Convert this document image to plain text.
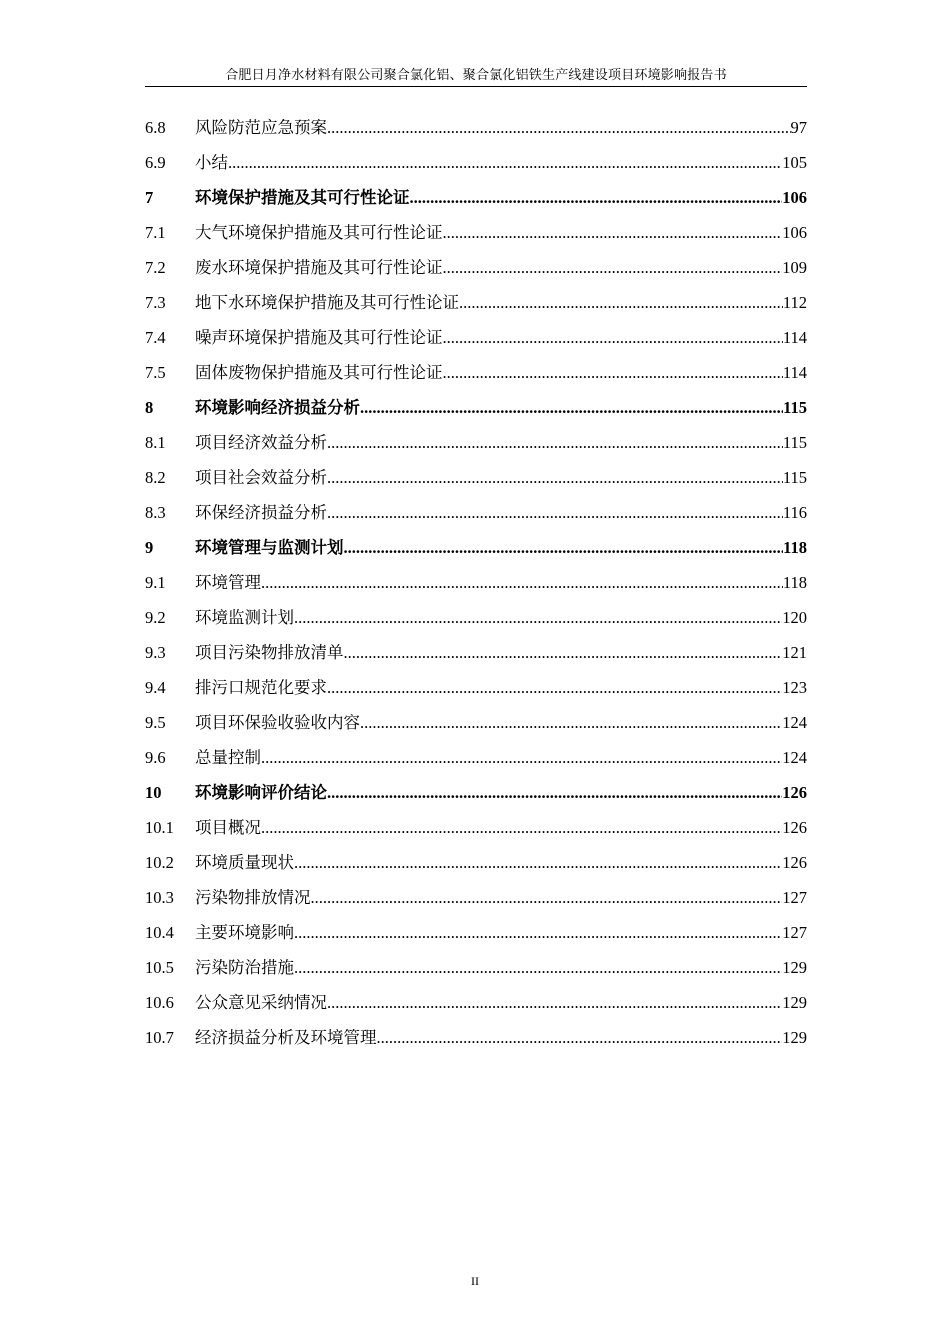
合肥日月净水材料有限公司聚合氯化铝、聚合氯化铝铁生产线建设项目环境影响报告书
6.8	风险防范应急预案 .....	97
6.9	小结 .....	105
7	环境保护措施及其可行性论证 .....	106
7.1	大气环境保护措施及其可行性论证 .....	106
7.2	废水环境保护措施及其可行性论证 .....	109
7.3	地下水环境保护措施及其可行性论证 .....	112
7.4	噪声环境保护措施及其可行性论证 .....	114
7.5	固体废物保护措施及其可行性论证 .....	114
8	环境影响经济损益分析 .....	115
8.1	项目经济效益分析 .....	115
8.2	项目社会效益分析 .....	115
8.3	环保经济损益分析 .....	116
9	环境管理与监测计划 .....	118
9.1	环境管理 .....	118
9.2	环境监测计划 .....	120
9.3	项目污染物排放清单 .....	121
9.4	排污口规范化要求 .....	123
9.5	项目环保验收验收内容 .....	124
9.6	总量控制 .....	124
10	环境影响评价结论 .....	126
10.1	项目概况 .....	126
10.2	环境质量现状 .....	126
10.3	污染物排放情况 .....	127
10.4	主要环境影响 .....	127
10.5	污染防治措施 .....	129
10.6	公众意见采纳情况 .....	129
10.7	经济损益分析及环境管理 .....	129
II
